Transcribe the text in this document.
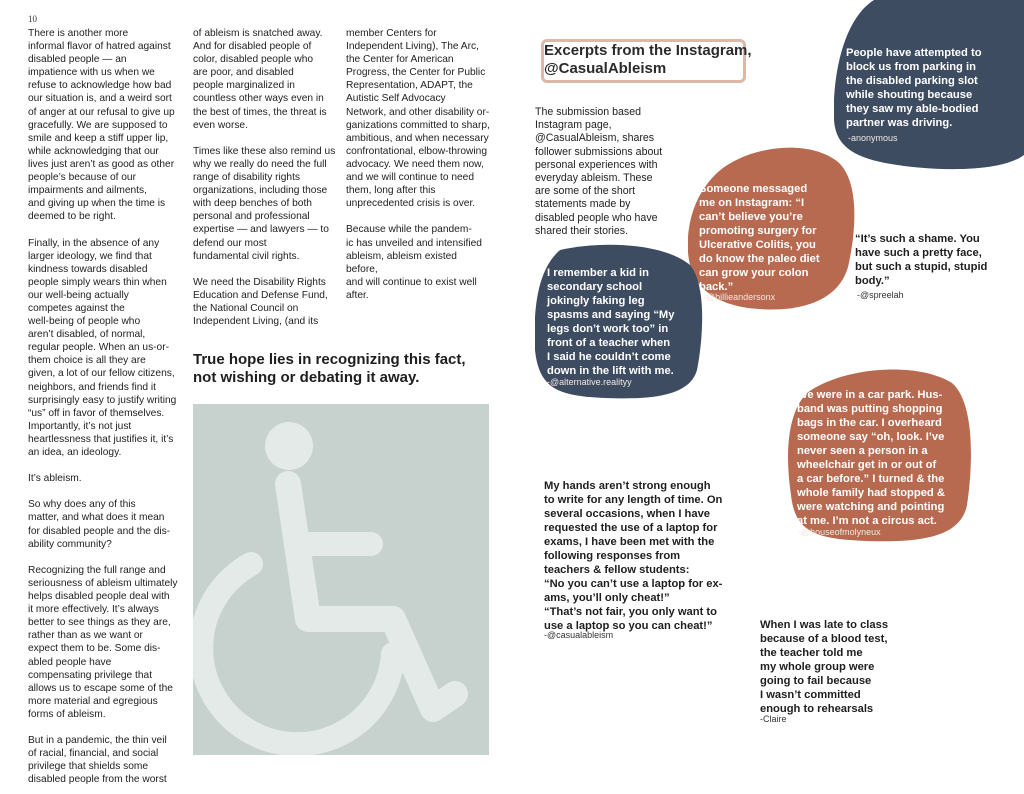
10
There is another more
informal flavor of hatred against
disabled people — an
impatience with us when we
refuse to acknowledge how bad
our situation is, and a weird sort
of anger at our refusal to give up
gracefully. We are supposed to
smile and keep a stiff upper lip,
while acknowledging that our
lives just aren’t as good as other
people’s because of our
impairments and ailments,
and giving up when the time is
deemed to be right.

Finally, in the absence of any
larger ideology, we find that
kindness towards disabled
people simply wears thin when
our well-being actually
competes against the
well-being of people who
aren’t disabled, of normal,
regular people. When an us-or-
them choice is all they are
given, a lot of our fellow citizens,
neighbors, and friends find it
surprisingly easy to justify writing
“us” off in favor of themselves.
Importantly, it’s not just
heartlessness that justifies it, it’s
an idea, an ideology.

It’s ableism.

So why does any of this
matter, and what does it mean
for disabled people and the dis-
ability community?

Recognizing the full range and
seriousness of ableism ultimately
helps disabled people deal with
it more effectively. It’s always
better to see things as they are,
rather than as we want or
expect them to be. Some dis-
abled people have
compensating privilege that
allows us to escape some of the
more material and egregious
forms of ableism.

But in a pandemic, the thin veil
of racial, financial, and social
privilege that shields some
disabled people from the worst
of ableism is snatched away.
And for disabled people of
color, disabled people who
are poor, and disabled
people marginalized in
countless other ways even in
the best of times, the threat is
even worse.

Times like these also remind us
why we really do need the full
range of disability rights
organizations, including those
with deep benches of both
personal and professional
expertise — and lawyers — to
defend our most
fundamental civil rights.

We need the Disability Rights
Education and Defense Fund,
the National Council on
Independent Living, (and its
member Centers for
Independent Living), The Arc,
the Center for American
Progress, the Center for Public
Representation, ADAPT, the
Autistic Self Advocacy
Network, and other disability or-
ganizations committed to sharp,
ambitious, and when necessary
confrontational, elbow-throwing
advocacy. We need them now,
and we will continue to need
them, long after this
unprecedented crisis is over.

Because while the pandem-
ic has unveiled and intensified
ableism, ableism existed before,
and will continue to exist well
after.
True hope lies in recognizing this fact,
not wishing or debating it away.
Excerpts from the Instagram,
@CasualAbleism
The submission based
Instagram page,
@CasualAbleism, shares
follower submissions about
personal experiences with
everyday ableism. These
are some of the short
statements made by
disabled people who have
shared their stories.
People have attempted to
block us from parking in
the disabled parking slot
while shouting because
they saw my able-bodied
partner was driving.
-anonymous
Someone messaged
me on Instagram: “I
can’t believe you’re
promoting surgery for
Ulcerative Colitis, you
do know the paleo diet
can grow your colon
back.”
-@billieandersonx
“It’s such a shame. You
have such a pretty face,
but such a stupid, stupid
body.”
-@spreelah
I remember a kid in
secondary school
jokingly faking leg
spasms and saying “My
legs don’t work too” in
front of a teacher when
I said he couldn’t come
down in the lift with me.
-@alternative.realityy
We were in a car park. Hus-
band was putting shopping
bags in the car. I overheard
someone say “oh, look. I’ve
never seen a person in a
wheelchair get in or out of
a car before.” I turned & the
whole family had stopped &
were watching and pointing
at me. I’m not a circus act.
-@houseofmolyneux
My hands aren’t strong enough
to write for any length of time. On
several occasions, when I have
requested the use of a laptop for
exams, I have been met with the
following responses from
teachers & fellow students:
“No you can’t use a laptop for ex-
ams, you’ll only cheat!”
“That’s not fair, you only want to
use a laptop so you can cheat!”
-@casualableism
When I was late to class
because of a blood test,
the teacher told me
my whole group were
going to fail because
I wasn’t committed
enough to rehearsals
-Claire
